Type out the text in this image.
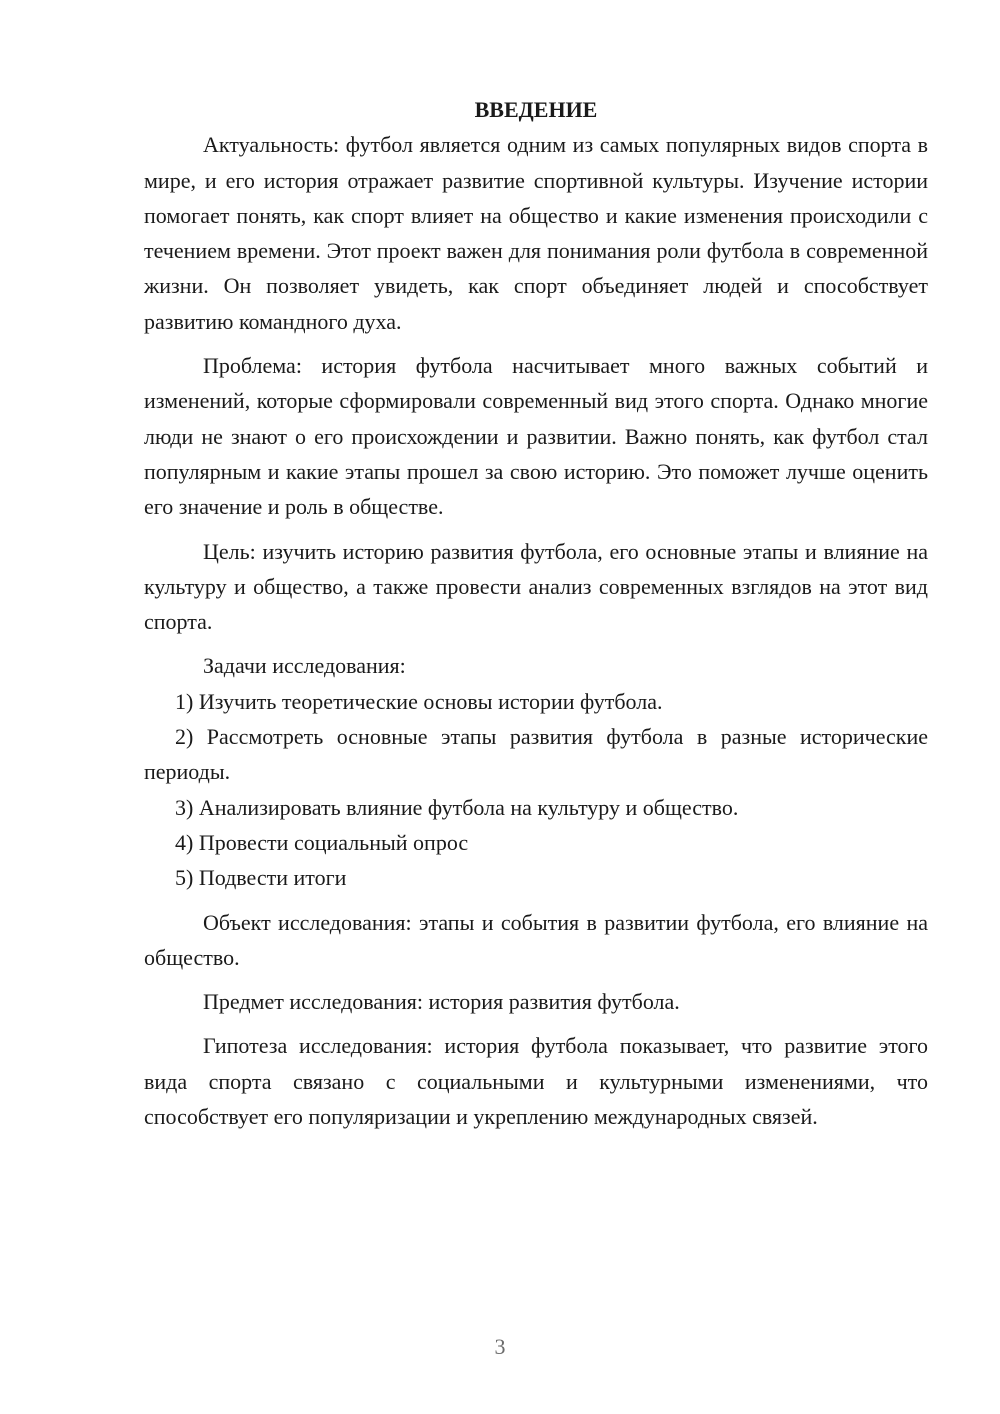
ВВЕДЕНИЕ

Актуальность: футбол является одним из самых популярных видов спорта в мире, и его история отражает развитие спортивной культуры. Изучение истории помогает понять, как спорт влияет на общество и какие изменения происходили с течением времени. Этот проект важен для понимания роли футбола в современной жизни. Он позволяет увидеть, как спорт объединяет людей и способствует развитию командного духа.

Проблема: история футбола насчитывает много важных событий и изменений, которые сформировали современный вид этого спорта. Однако многие люди не знают о его происхождении и развитии. Важно понять, как футбол стал популярным и какие этапы прошел за свою историю. Это поможет лучше оценить его значение и роль в обществе.

Цель: изучить историю развития футбола, его основные этапы и влияние на культуру и общество, а также провести анализ современных взглядов на этот вид спорта.

Задачи исследования:

1) Изучить теоретические основы истории футбола.

2) Рассмотреть основные этапы развития футбола в разные исторические периоды.

3) Анализировать влияние футбола на культуру и общество.

4) Провести социальный опрос

5) Подвести итоги

Объект исследования: этапы и события в развитии футбола, его влияние на общество.

Предмет исследования: история развития футбола.

Гипотеза исследования: история футбола показывает, что развитие этого вида спорта связано с социальными и культурными изменениями, что способствует его популяризации и укреплению международных связей.

3
